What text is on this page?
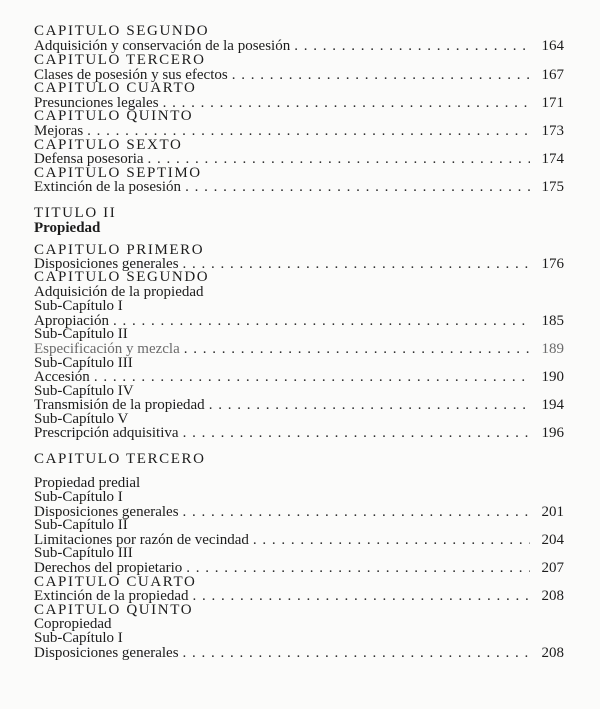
CAPITULO SEGUNDO
Adquisición y conservación de la posesión . . .	164
CAPITULO TERCERO
Clases de posesión y sus efectos . . .	167
CAPITULO CUARTO
Presunciones legales . . .	171
CAPITULO QUINTO
Mejoras . . .	173
CAPITULO SEXTO
Defensa posesoria . . .	174
CAPITULO SEPTIMO
Extinción de la posesión . . .	175
TITULO II
Propiedad
CAPITULO PRIMERO
Disposiciones generales . . .	176
CAPITULO SEGUNDO
Adquisición de la propiedad
Sub-Capítulo I
Apropiación . . .	185
Sub-Capítulo II
Especificación y mezcla . . .	189
Sub-Capítulo III
Accesión . . .	190
Sub-Capítulo IV
Transmisión de la propiedad . . .	194
Sub-Capítulo V
Prescripción adquisitiva . . .	196
CAPITULO TERCERO
Propiedad predial
Sub-Capítulo I
Disposiciones generales . . .	201
Sub-Capítulo II
Limitaciones por razón de vecindad . . .	204
Sub-Capítulo III
Derechos del propietario . . .	207
CAPITULO CUARTO
Extinción de la propiedad . . .	208
CAPITULO QUINTO
Copropiedad
Sub-Capítulo I
Disposiciones generales . . .	208
